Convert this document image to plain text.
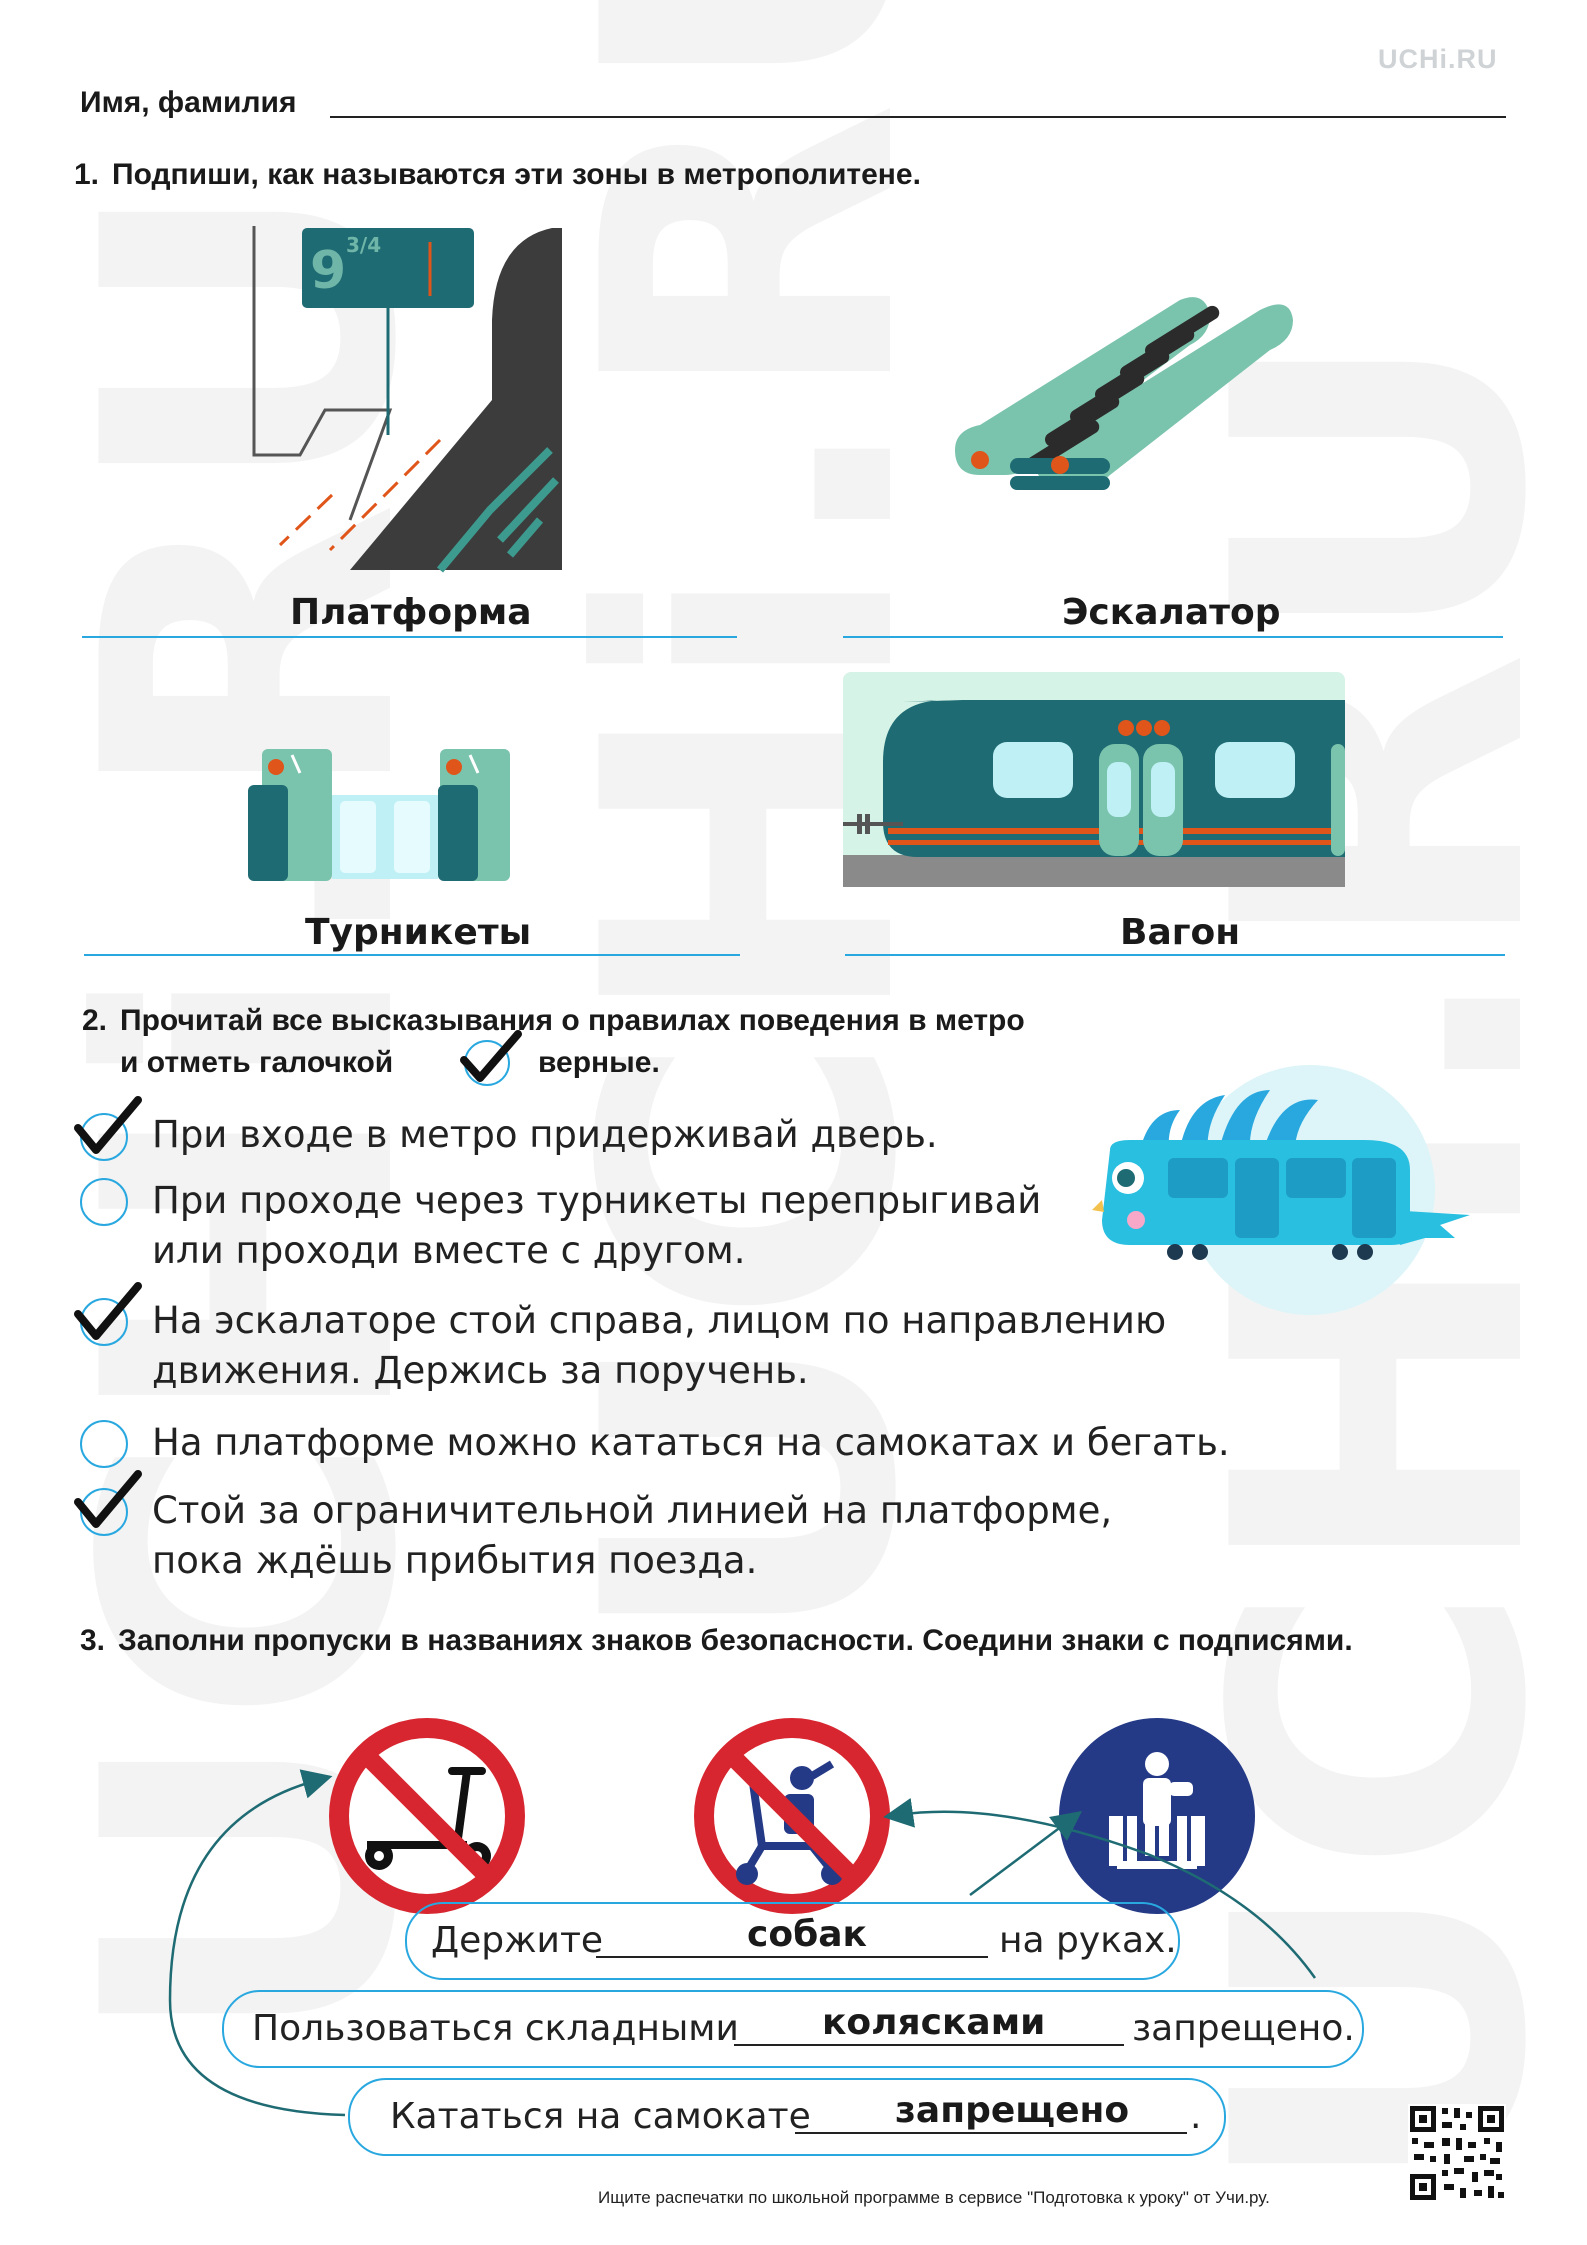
UCHi.RU
Имя, фамилия
1. Подпиши, как называются эти зоны в метрополитене.
9 3/4
Платформа	Эскалатор
Турникеты	Вагон
2. Прочитай все высказывания о правилах поведения в метро
и отметь галочкой	верные.
При входе в метро придерживай дверь.
При проходе через турникеты перепрыгивай
или проходи вместе с другом.
На эскалаторе стой справа, лицом по направлению
движения. Держись за поручень.
На платформе можно кататься на самокатах и бегать.
Стой за ограничительной линией на платформе,
пока ждёшь прибытия поезда.
3. Заполни пропуски в названиях знаков безопасности. Соедини знаки с подписями.
Держите	собак	на руках.
Пользоваться складными колясками запрещено.
Кататься на самокате запрещено .
Ищите распечатки по школьной программе в сервисе "Подготовка к уроку" от Учи.ру.
